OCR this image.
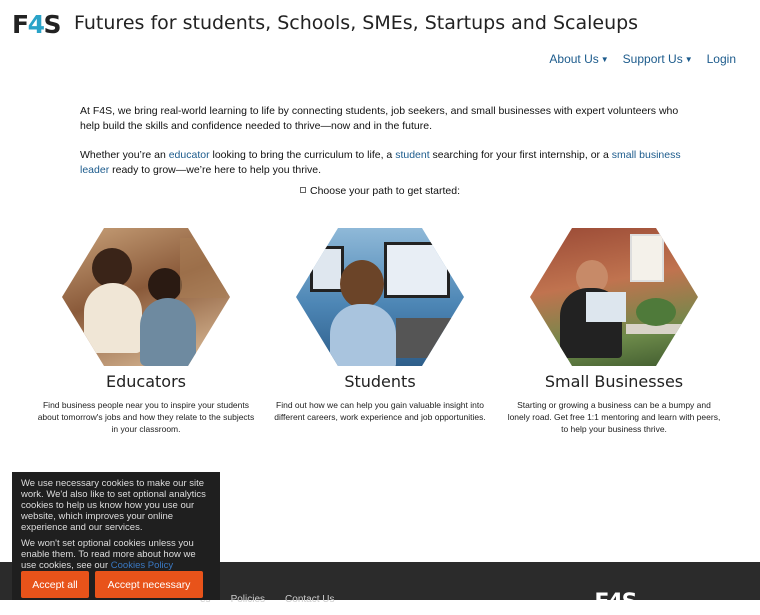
F4S Futures for students, Schools, SMEs, Startups and Scaleups
About Us ▼ Support Us ▼ Login

At F4S, we bring real-world learning to life by connecting students, job seekers, and small businesses with expert volunteers who help build the skills and confidence needed to thrive—now and in the future.

Whether you’re an educator looking to bring the curriculum to life, a student searching for your first internship, or a small business leader ready to grow—we’re here to help you thrive.

Choose your path to get started:
Educators
Find business people near you to inspire your students about tomorrow's jobs and how they relate to the subjects in your classroom.
Students
Find out how we can help you gain valuable insight into different careers, work experience and job opportunities.
Small Businesses
Starting or growing a business can be a bumpy and lonely road. Get free 1:1 mentoring and learn with peers, to help your business thrive.
Policies Contact Us	F4S

We use necessary cookies to make our site work. We'd also like to set optional analytics cookies to help us know how you use our website, which improves your online experience and our services.

We won't set optional cookies unless you enable them. To read more about how we use cookies, see our Cookies Policy

Accept all	Accept necessary
